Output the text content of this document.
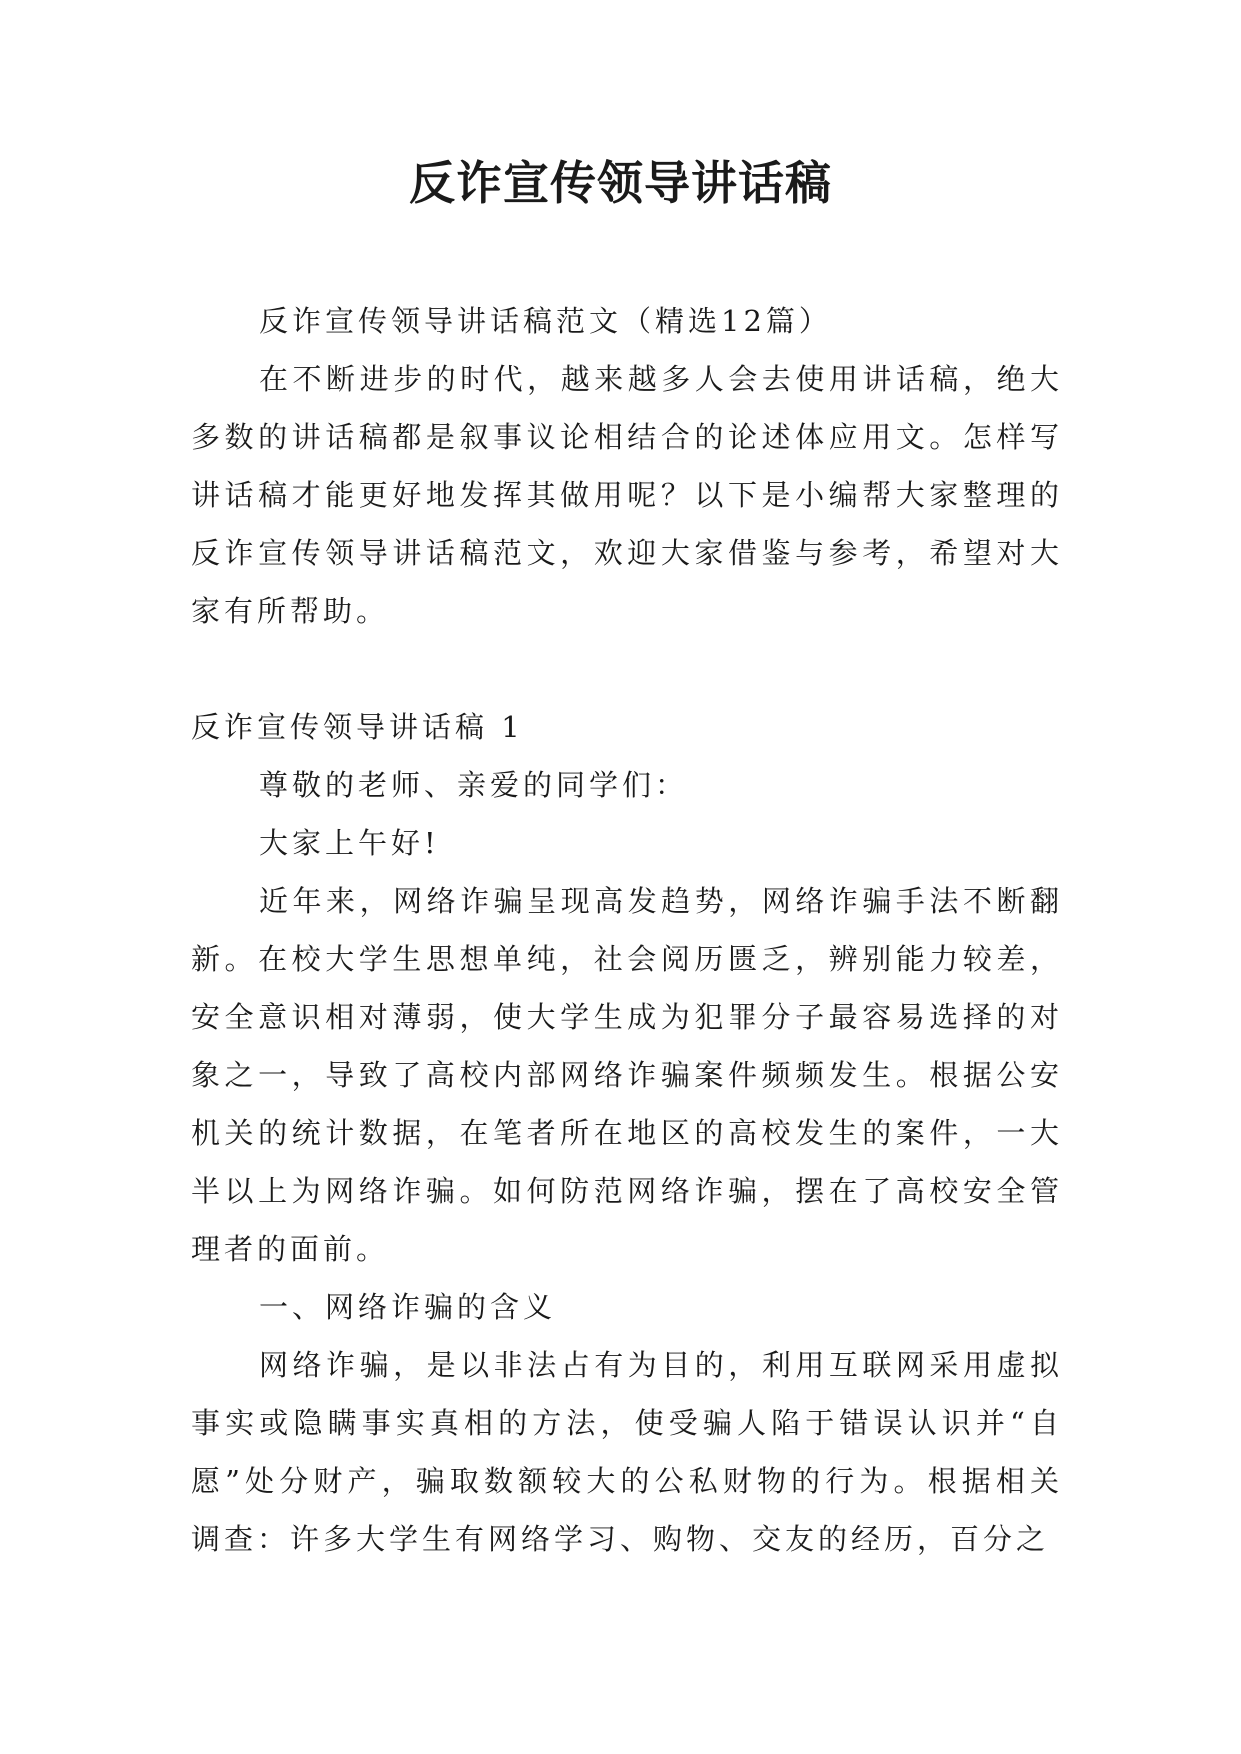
反诈宣传领导讲话稿

反诈宣传领导讲话稿范文（精选12篇）

在不断进步的时代，越来越多人会去使用讲话稿，绝大多数的讲话稿都是叙事议论相结合的论述体应用文。怎样写讲话稿才能更好地发挥其做用呢？以下是小编帮大家整理的反诈宣传领导讲话稿范文，欢迎大家借鉴与参考，希望对大家有所帮助。

反诈宣传领导讲话稿 1

尊敬的老师、亲爱的同学们：

大家上午好!

近年来，网络诈骗呈现高发趋势，网络诈骗手法不断翻新。在校大学生思想单纯，社会阅历匮乏，辨别能力较差，安全意识相对薄弱，使大学生成为犯罪分子最容易选择的对象之一，导致了高校内部网络诈骗案件频频发生。根据公安机关的统计数据，在笔者所在地区的高校发生的案件，一大半以上为网络诈骗。如何防范网络诈骗，摆在了高校安全管理者的面前。

一、网络诈骗的含义

网络诈骗，是以非法占有为目的，利用互联网采用虚拟事实或隐瞒事实真相的方法，使受骗人陷于错误认识并“自愿”处分财产，骗取数额较大的公私财物的行为。根据相关调查：许多大学生有网络学习、购物、交友的经历，百分之
